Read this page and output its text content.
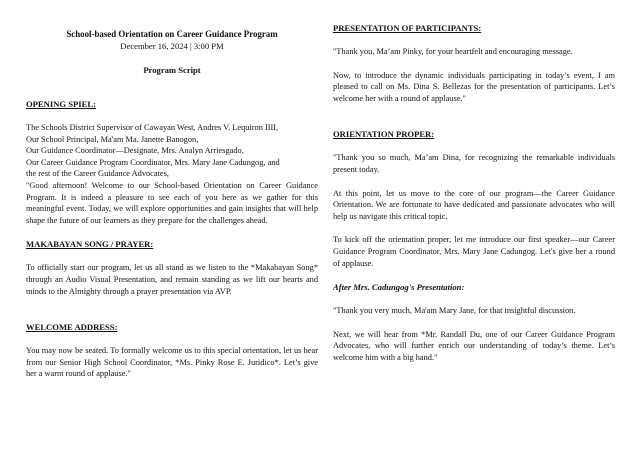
School-based Orientation on Career Guidance Program
December 16, 2024 | 3:00 PM
Program Script
OPENING SPIEL:
The Schools District Supervisor of Cawayan West, Andres V. Lequiron IIII,
Our School Principal, Ma'am Ma. Janette Banogon,
Our Guidance Coordinator—Designate, Mrs. Analyn Arriesgado,
Our Career Guidance Program Coordinator, Mrs. Mary Jane Cadungog, and
the rest of the Career Guidance Advocates,

"Good afternoon! Welcome to our School-based Orientation on Career Guidance Program. It is indeed a pleasure to see each of you here as we gather for this meaningful event. Today, we will explore opportunities and gain insights that will help shape the future of our learners as they prepare for the challenges ahead.

MAKABAYAN SONG / PRAYER:

To officially start our program, let us all stand as we listen to the *Makabayan Song* through an Audio Visual Presentation, and remain standing as we lift our hearts and minds to the Almighty through a prayer presentation via AVP.

WELCOME ADDRESS:

You may now be seated. To formally welcome us to this special orientation, let us hear from our Senior High School Coordinator, *Ms. Pinky Rose E. Juridico*. Let’s give her a warm round of applause."

PRESENTATION OF PARTICIPANTS:

"Thank you, Ma’am Pinky, for your heartfelt and encouraging message.

Now, to introduce the dynamic individuals participating in today’s event, I am pleased to call on Ms. Dina S. Bellezas for the presentation of participants. Let’s welcome her with a round of applause."

ORIENTATION PROPER:

"Thank you so much, Ma’am Dina, for recognizing the remarkable individuals present today.

At this point, let us move to the core of our program—the Career Guidance Orientation. We are fortunate to have dedicated and passionate advocates who will help us navigate this critical topic.

To kick off the orientation proper, let me introduce our first speaker—our Career Guidance Program Coordinator, Mrs. Mary Jane Cadungog. Let's give her a round of applause.

After Mrs. Cadungog's Presentation:

"Thank you very much, Ma'am Mary Jane, for that insightful discussion.

Next, we will hear from *Mr. Randall Du, one of our Career Guidance Program Advocates, who will further enrich our understanding of today’s theme. Let’s welcome him with a big hand."
